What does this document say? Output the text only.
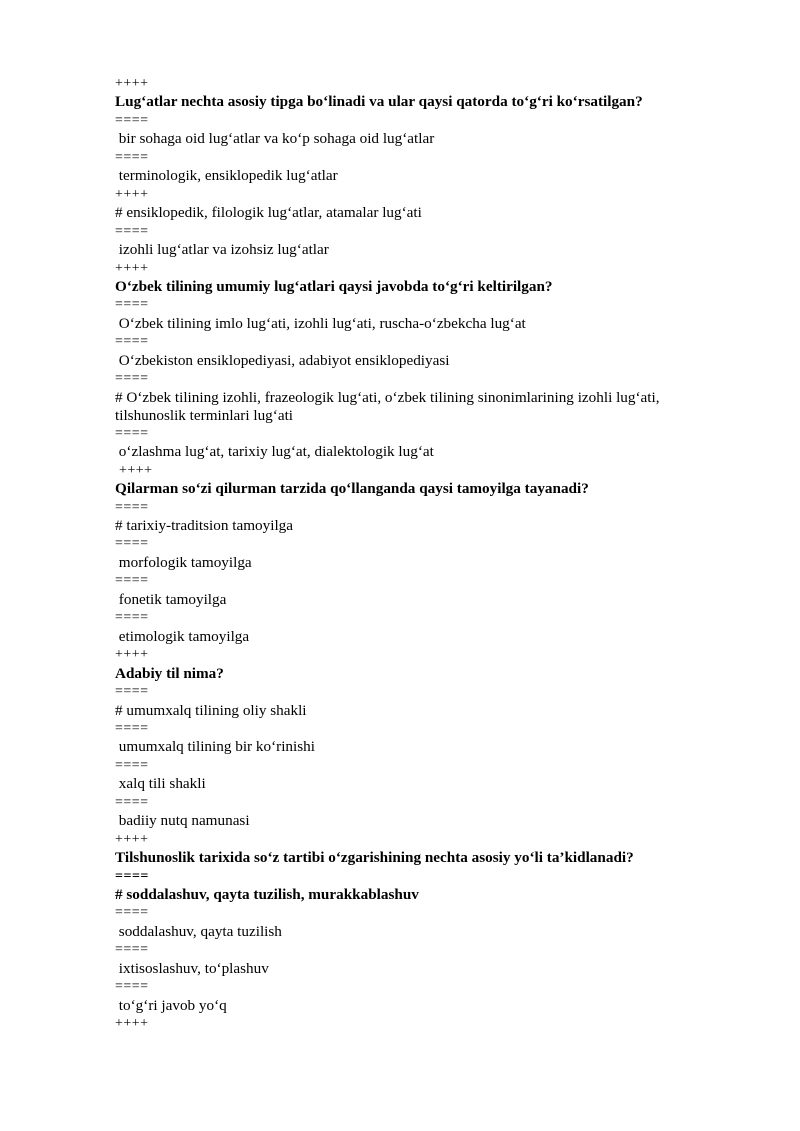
++++

Lug‘atlar nechta asosiy tipga bo‘linadi va ular qaysi qatorda to‘g‘ri ko‘rsatilgan?

====

bir sohaga oid lug‘atlar va ko‘p sohaga oid lug‘atlar

====

terminologik, ensiklopedik lug‘atlar

++++

# ensiklopedik, filologik lug‘atlar, atamalar lug‘ati

====

izohli lug‘atlar va izohsiz lug‘atlar

++++

O‘zbek tilining umumiy lug‘atlari qaysi javobda to‘g‘ri keltirilgan?

====

O‘zbek tilining imlo lug‘ati, izohli lug‘ati, ruscha-o‘zbekcha lug‘at

====

O‘zbekiston ensiklopediyasi, adabiyot ensiklopediyasi

====

# O‘zbek tilining izohli, frazeologik lug‘ati, o‘zbek tilining sinonimlarining izohli lug‘ati, tilshunoslik terminlari lug‘ati

====

o‘zlashma lug‘at, tarixiy lug‘at, dialektologik lug‘at

++++

Qilarman so‘zi qilurman tarzida qo‘llanganda qaysi tamoyilga tayanadi?

====

# tarixiy-traditsion tamoyilga

====

morfologik tamoyilga

====

fonetik tamoyilga

====

etimologik tamoyilga

++++

Adabiy til nima?

====

# umumxalq tilining oliy shakli

====

umumxalq tilining bir ko‘rinishi

====

xalq tili shakli

====

badiiy nutq namunasi

++++

Tilshunoslik tarixida so‘z tartibi o‘zgarishining nechta asosiy yo‘li ta’kidlanadi?

====

# soddalashuv, qayta tuzilish, murakkablashuv

====

soddalashuv, qayta tuzilish

====

ixtisoslashuv, to‘plashuv

====

to‘g‘ri javob yo‘q

++++
